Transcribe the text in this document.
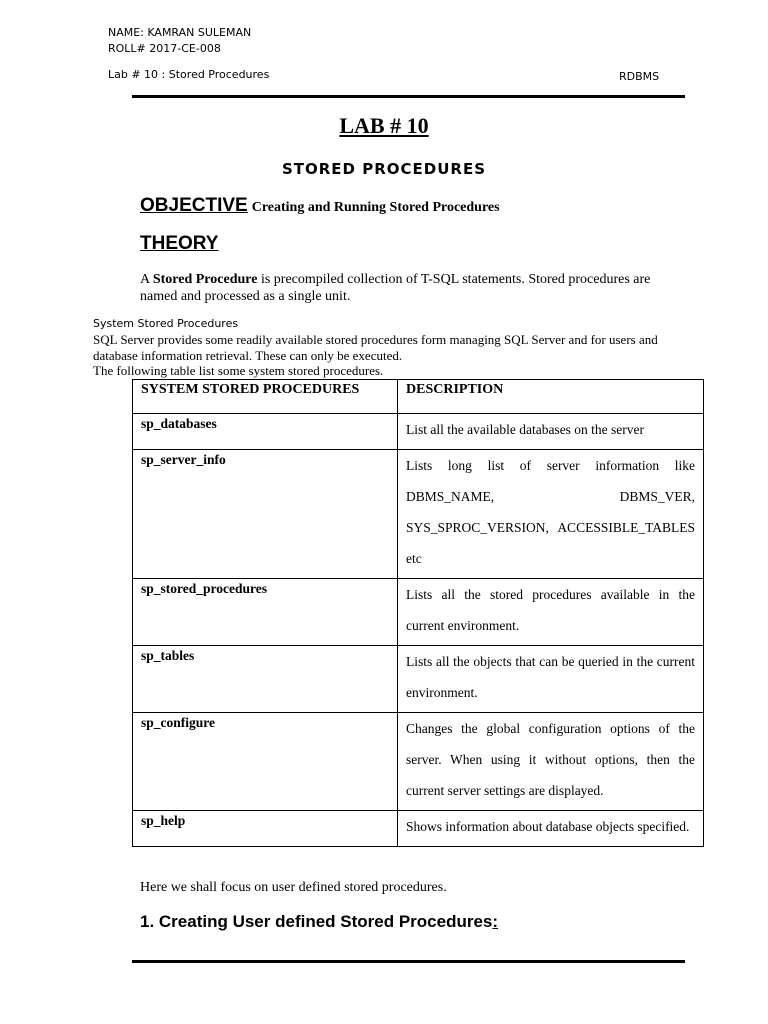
NAME: KAMRAN SULEMAN
ROLL# 2017-CE-008
Lab # 10 : Stored Procedures	RDBMS
LAB # 10
STORED PROCEDURES
OBJECTIVE Creating and Running Stored Procedures
THEORY
A Stored Procedure is precompiled collection of T-SQL statements. Stored procedures are named and processed as a single unit.
System Stored Procedures
SQL Server provides some readily available stored procedures form managing SQL Server and for users and database information retrieval. These can only be executed.
The following table list some system stored procedures.
SYSTEM STORED PROCEDURES	DESCRIPTION
sp_databases	List all the available databases on the server
sp_server_info	Lists long list of server information like DBMS_NAME, DBMS_VER, SYS_SPROC_VERSION, ACCESSIBLE_TABLES etc
sp_stored_procedures	Lists all the stored procedures available in the current environment.
sp_tables	Lists all the objects that can be queried in the current environment.
sp_configure	Changes the global configuration options of the server. When using it without options, then the current server settings are displayed.
sp_help	Shows information about database objects specified.
Here we shall focus on user defined stored procedures.
1. Creating User defined Stored Procedures:
